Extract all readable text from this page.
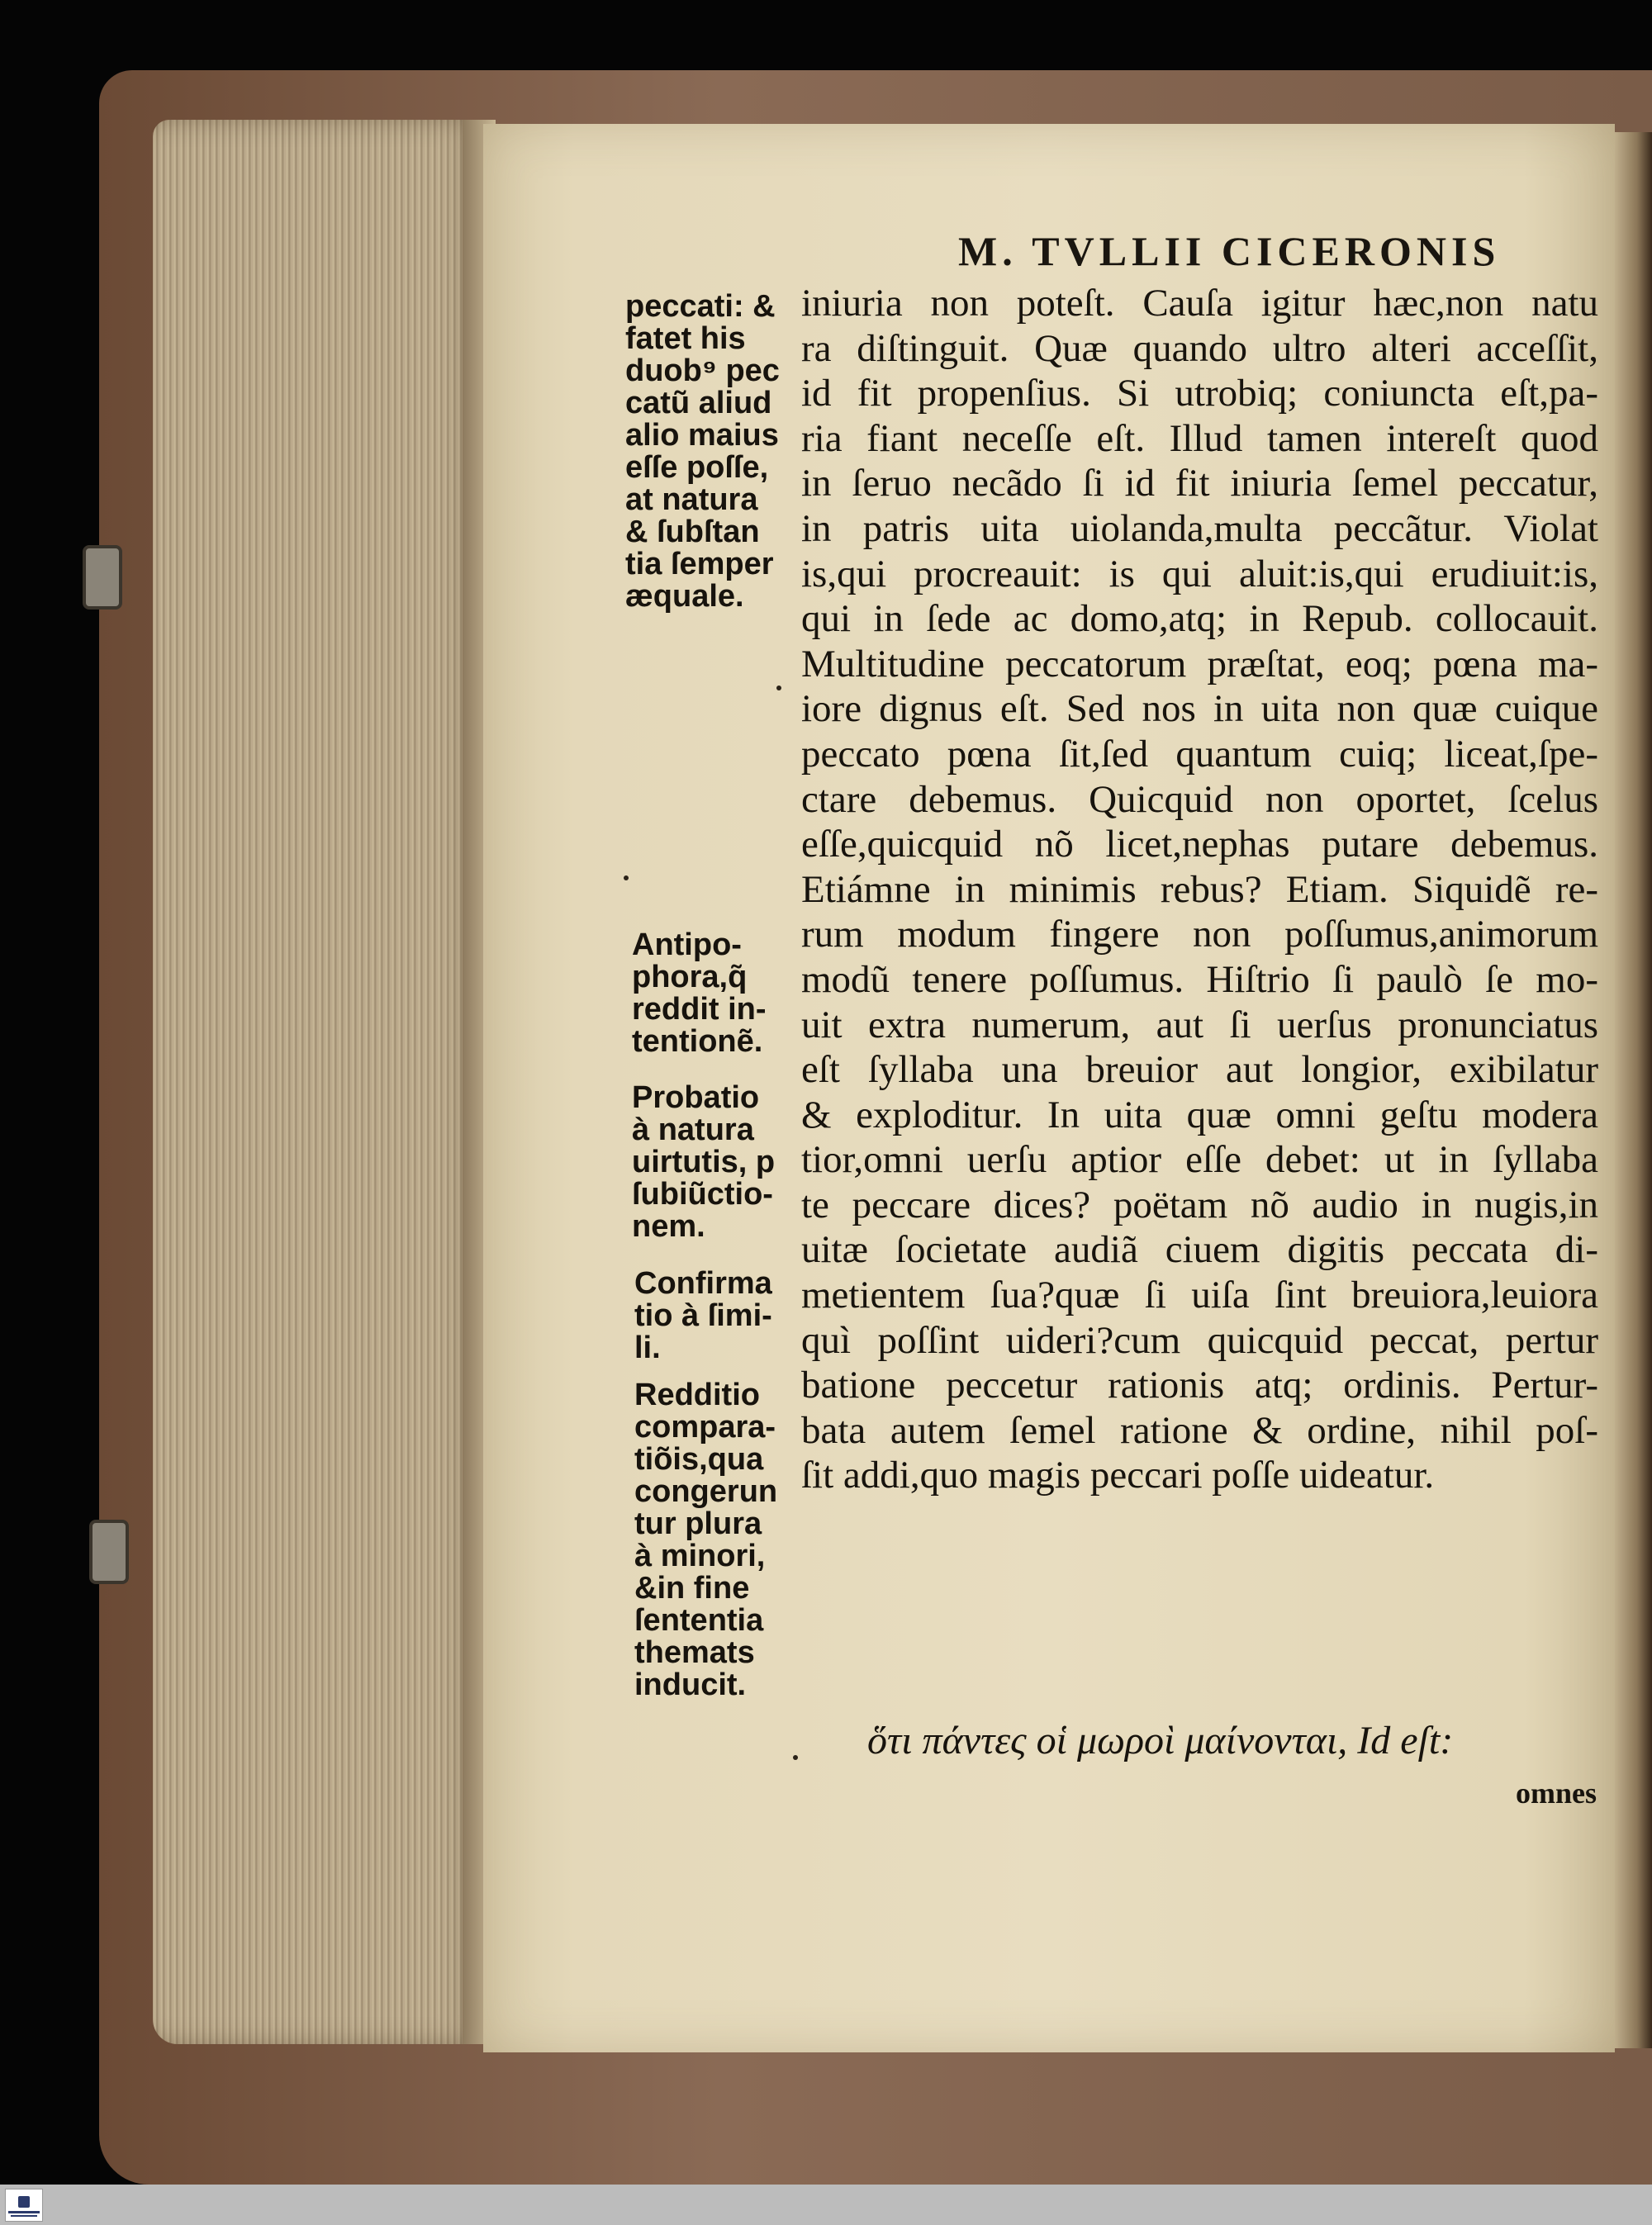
M. TVLLII CICERONIS
iniuria non poteſt. Cauſa igitur hæc,non natu
ra diſtinguit. Quæ quando ultro alteri acceſſit,
id fit propenſius. Si utrobiq; coniuncta eſt,pa-
ria fiant neceſſe eſt. Illud tamen intereſt quod
in ſeruo necãdo ſi id fit iniuria ſemel peccatur,
in patris uita uiolanda,multa peccãtur. Violat
is,qui procreauit: is qui aluit:is,qui erudiuit:is,
qui in ſede ac domo,atq; in Repub. collocauit.
Multitudine peccatorum præſtat, eoq; pœna ma-
iore dignus eſt. Sed nos in uita non quæ cuique
peccato pœna ſit,ſed quantum cuiq; liceat,ſpe-
ctare debemus. Quicquid non oportet, ſcelus
eſſe,quicquid nõ licet,nephas putare debemus.
Etiámne in minimis rebus? Etiam. Siquidẽ re-
rum modum fingere non poſſumus,animorum
modũ tenere poſſumus. Hiſtrio ſi paulò ſe mo-
uit extra numerum, aut ſi uerſus pronunciatus
eſt ſyllaba una breuior aut longior, exibilatur
& exploditur. In uita quæ omni geſtu modera
tior,omni uerſu aptior eſſe debet: ut in ſyllaba
te peccare dices? poëtam nõ audio in nugis,in
uitæ ſocietate audiã ciuem digitis peccata di-
metientem ſua?quæ ſi uiſa ſint breuiora,leuiora
quì poſſint uideri?cum quicquid peccat, pertur
batione peccetur rationis atq; ordinis. Pertur-
bata autem ſemel ratione & ordine, nihil poſ-
ſit addi,quo magis peccari poſſe uideatur.
ὅτι πάντες οἱ μωροὶ μαίνονται, Id eſt:
omnes
peccati: &
fatet his
duob⁹ pec
catũ aliud
alio maius
eſſe poſſe,
at natura
& ſubſtan
tia ſemper
æquale.
Antipo-
phora,q̃
reddit in-
tentionẽ.
Probatio
à natura
uirtutis, p
ſubiũctio-
nem.
Confirma
tio à ſimi-
li.
Redditio
compara-
tiõis,qua
congerun
tur plura
à minori,
&in fine
ſententia
themats
inducit.
